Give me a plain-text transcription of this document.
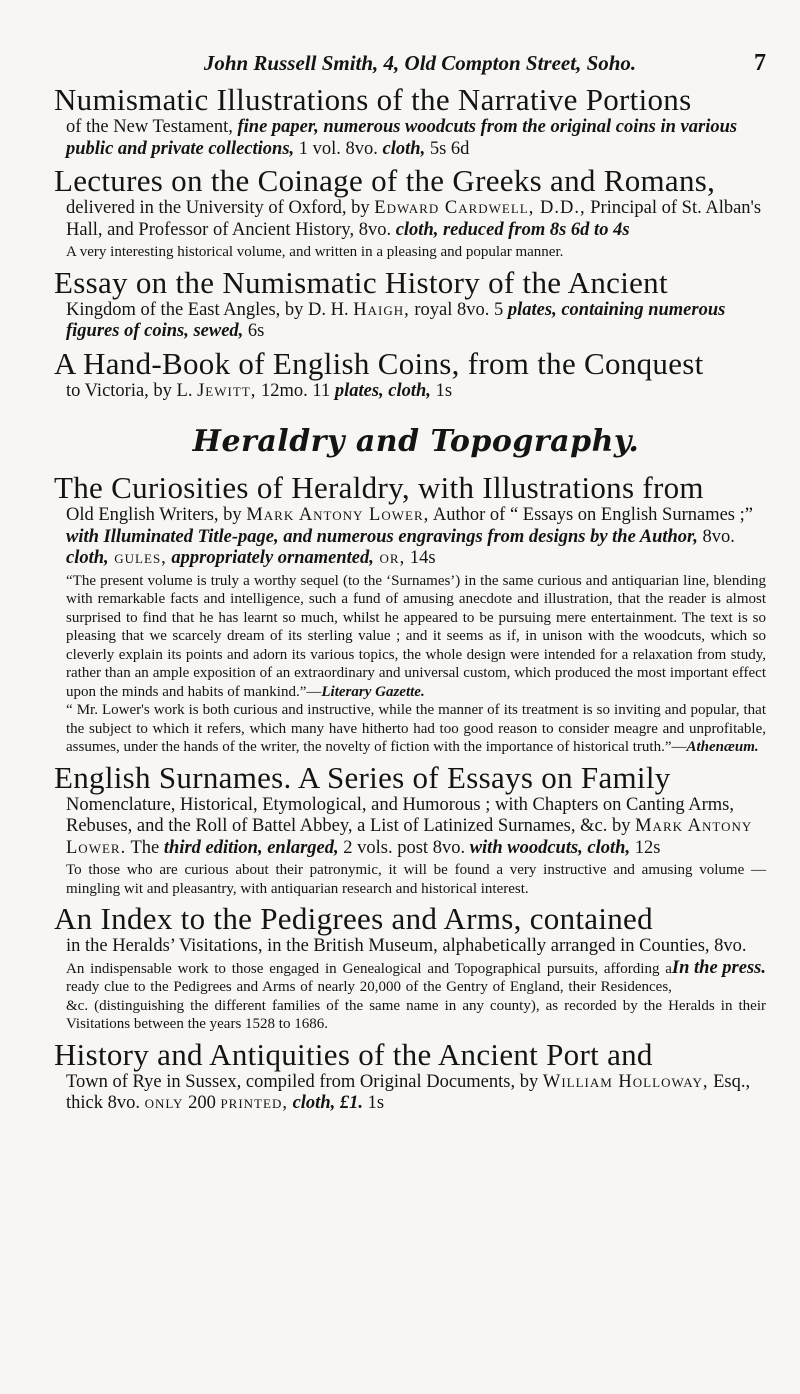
John Russell Smith, 4, Old Compton Street, Soho.	7
Numismatic Illustrations of the Narrative Portions
of the New Testament, fine paper, numerous woodcuts from the original coins in various public and private collections, 1 vol. 8vo. cloth, 5s 6d
Lectures on the Coinage of the Greeks and Romans,
delivered in the University of Oxford, by Edward Cardwell, D.D., Principal of St. Alban's Hall, and Professor of Ancient History, 8vo. cloth, reduced from 8s 6d to 4s
A very interesting historical volume, and written in a pleasing and popular manner.
Essay on the Numismatic History of the Ancient
Kingdom of the East Angles, by D. H. Haigh, royal 8vo. 5 plates, containing numerous figures of coins, sewed, 6s
A Hand-Book of English Coins, from the Conquest
to Victoria, by L. Jewitt, 12mo. 11 plates, cloth, 1s
Heraldry and Topography.
The Curiosities of Heraldry, with Illustrations from
Old English Writers, by Mark Antony Lower, Author of “ Essays on English Surnames ;” with Illuminated Title-page, and numerous engravings from designs by the Author, 8vo. cloth, gules, appropriately ornamented, or, 14s
“The present volume is truly a worthy sequel (to the ‘Surnames’) in the same curious and antiquarian line, blending with remarkable facts and intelligence, such a fund of amusing anecdote and illustration, that the reader is almost surprised to find that he has learnt so much, whilst he appeared to be pursuing mere entertainment. The text is so pleasing that we scarcely dream of its sterling value ; and it seems as if, in unison with the woodcuts, which so cleverly explain its points and adorn its various topics, the whole design were intended for a relaxation from study, rather than an ample exposition of an extraordinary and universal custom, which produced the most important effect upon the minds and habits of mankind.”—Literary Gazette.
“ Mr. Lower's work is both curious and instructive, while the manner of its treatment is so inviting and popular, that the subject to which it refers, which many have hitherto had too good reason to consider meagre and unprofitable, assumes, under the hands of the writer, the novelty of fiction with the importance of historical truth.”—Athenæum.
English Surnames. A Series of Essays on Family
Nomenclature, Historical, Etymological, and Humorous ; with Chapters on Canting Arms, Rebuses, and the Roll of Battel Abbey, a List of Latinized Surnames, &c. by Mark Antony Lower. The third edition, enlarged, 2 vols. post 8vo. with woodcuts, cloth, 12s
To those who are curious about their patronymic, it will be found a very instructive and amusing volume — mingling wit and pleasantry, with antiquarian research and historical interest.
An Index to the Pedigrees and Arms, contained
in the Heralds’ Visitations, in the British Museum, alphabetically arranged in Counties, 8vo.
In the press.
An indispensable work to those engaged in Genealogical and Topographical pursuits, affording a ready clue to the Pedigrees and Arms of nearly 20,000 of the Gentry of England, their Residences, &c. (distinguishing the different families of the same name in any county), as recorded by the Heralds in their Visitations between the years 1528 to 1686.
History and Antiquities of the Ancient Port and
Town of Rye in Sussex, compiled from Original Documents, by William Holloway, Esq., thick 8vo. only 200 printed, cloth, £1. 1s
